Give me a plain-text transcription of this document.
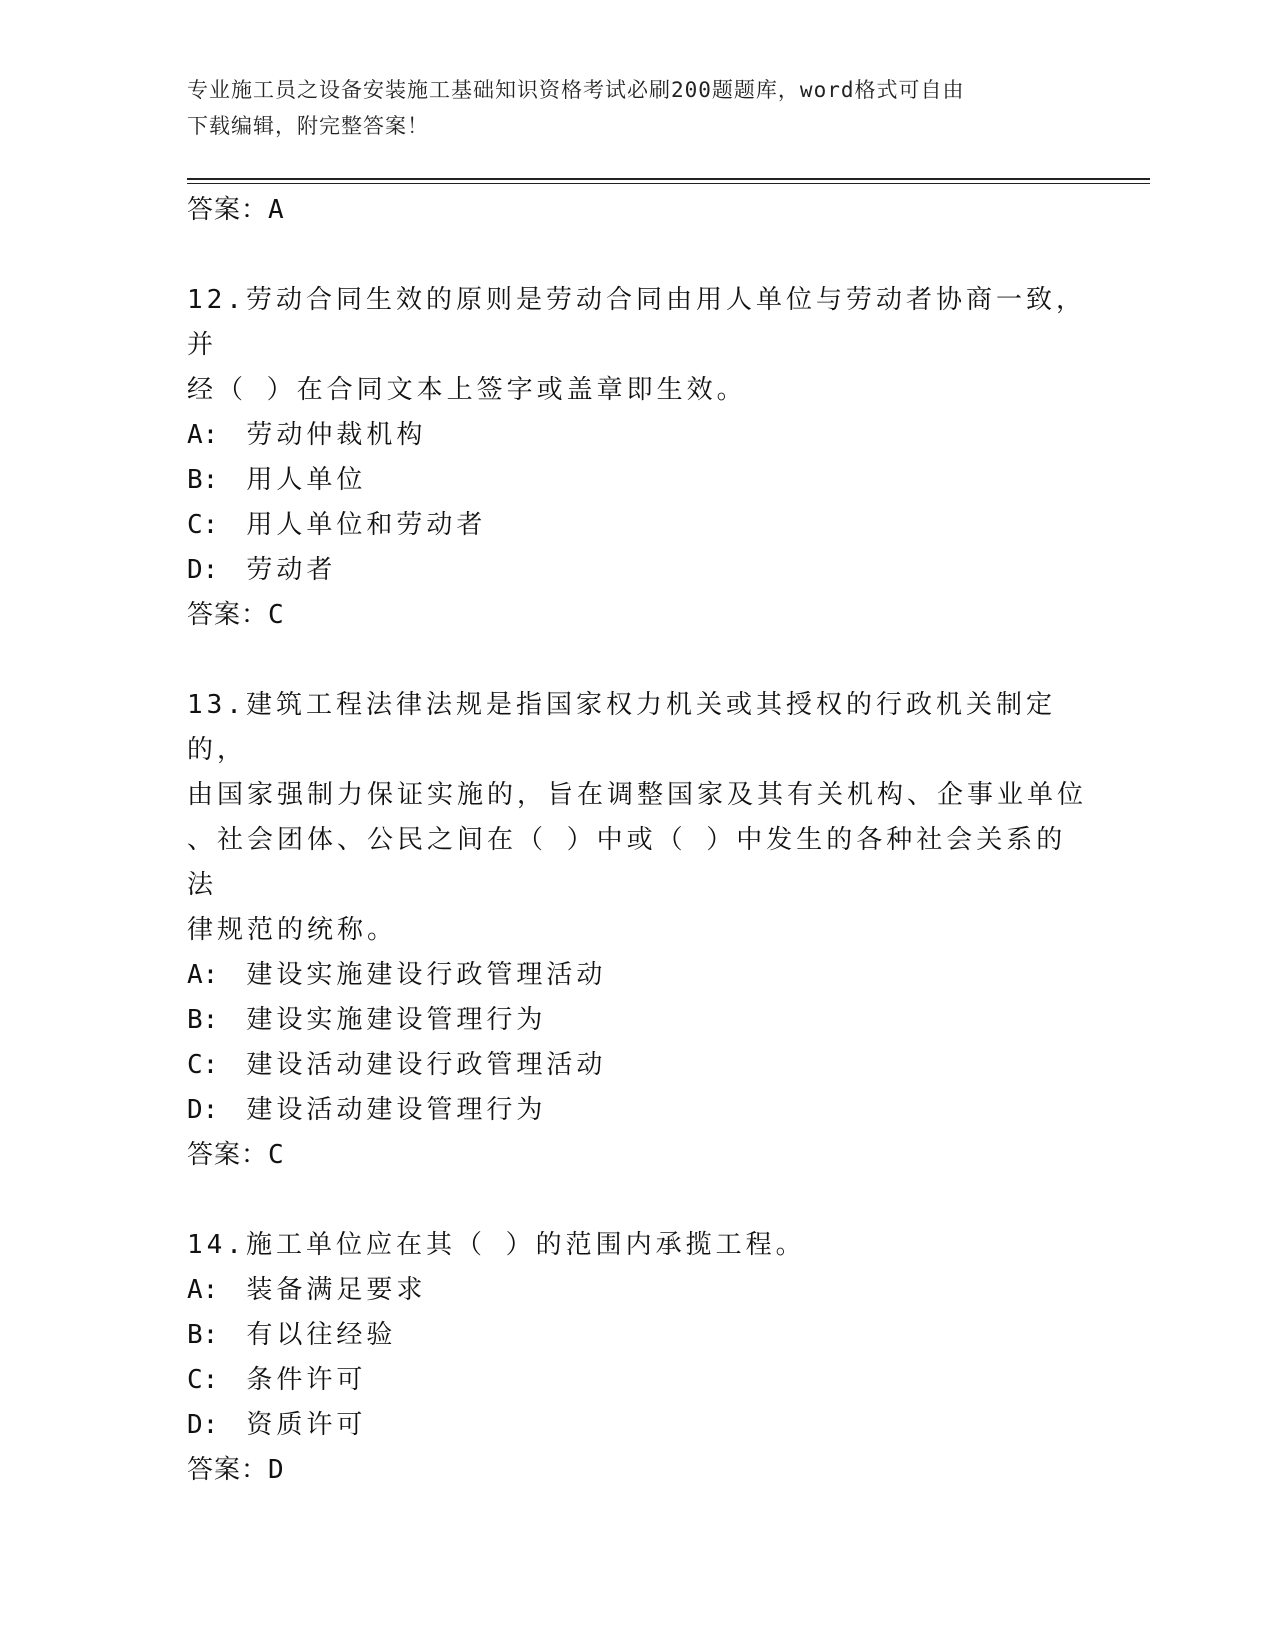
专业施工员之设备安装施工基础知识资格考试必刷200题题库，word格式可自由
下载编辑，附完整答案！
答案：A
12.劳动合同生效的原则是劳动合同由用人单位与劳动者协商一致，并
经（ ）在合同文本上签字或盖章即生效。
A: 劳动仲裁机构
B: 用人单位
C: 用人单位和劳动者
D: 劳动者
答案：C
13.建筑工程法律法规是指国家权力机关或其授权的行政机关制定的，
由国家强制力保证实施的，旨在调整国家及其有关机构、企事业单位
、社会团体、公民之间在（ ）中或（ ）中发生的各种社会关系的法
律规范的统称。
A: 建设实施建设行政管理活动
B: 建设实施建设管理行为
C: 建设活动建设行政管理活动
D: 建设活动建设管理行为
答案：C
14.施工单位应在其（ ）的范围内承揽工程。
A: 装备满足要求
B: 有以往经验
C: 条件许可
D: 资质许可
答案：D
